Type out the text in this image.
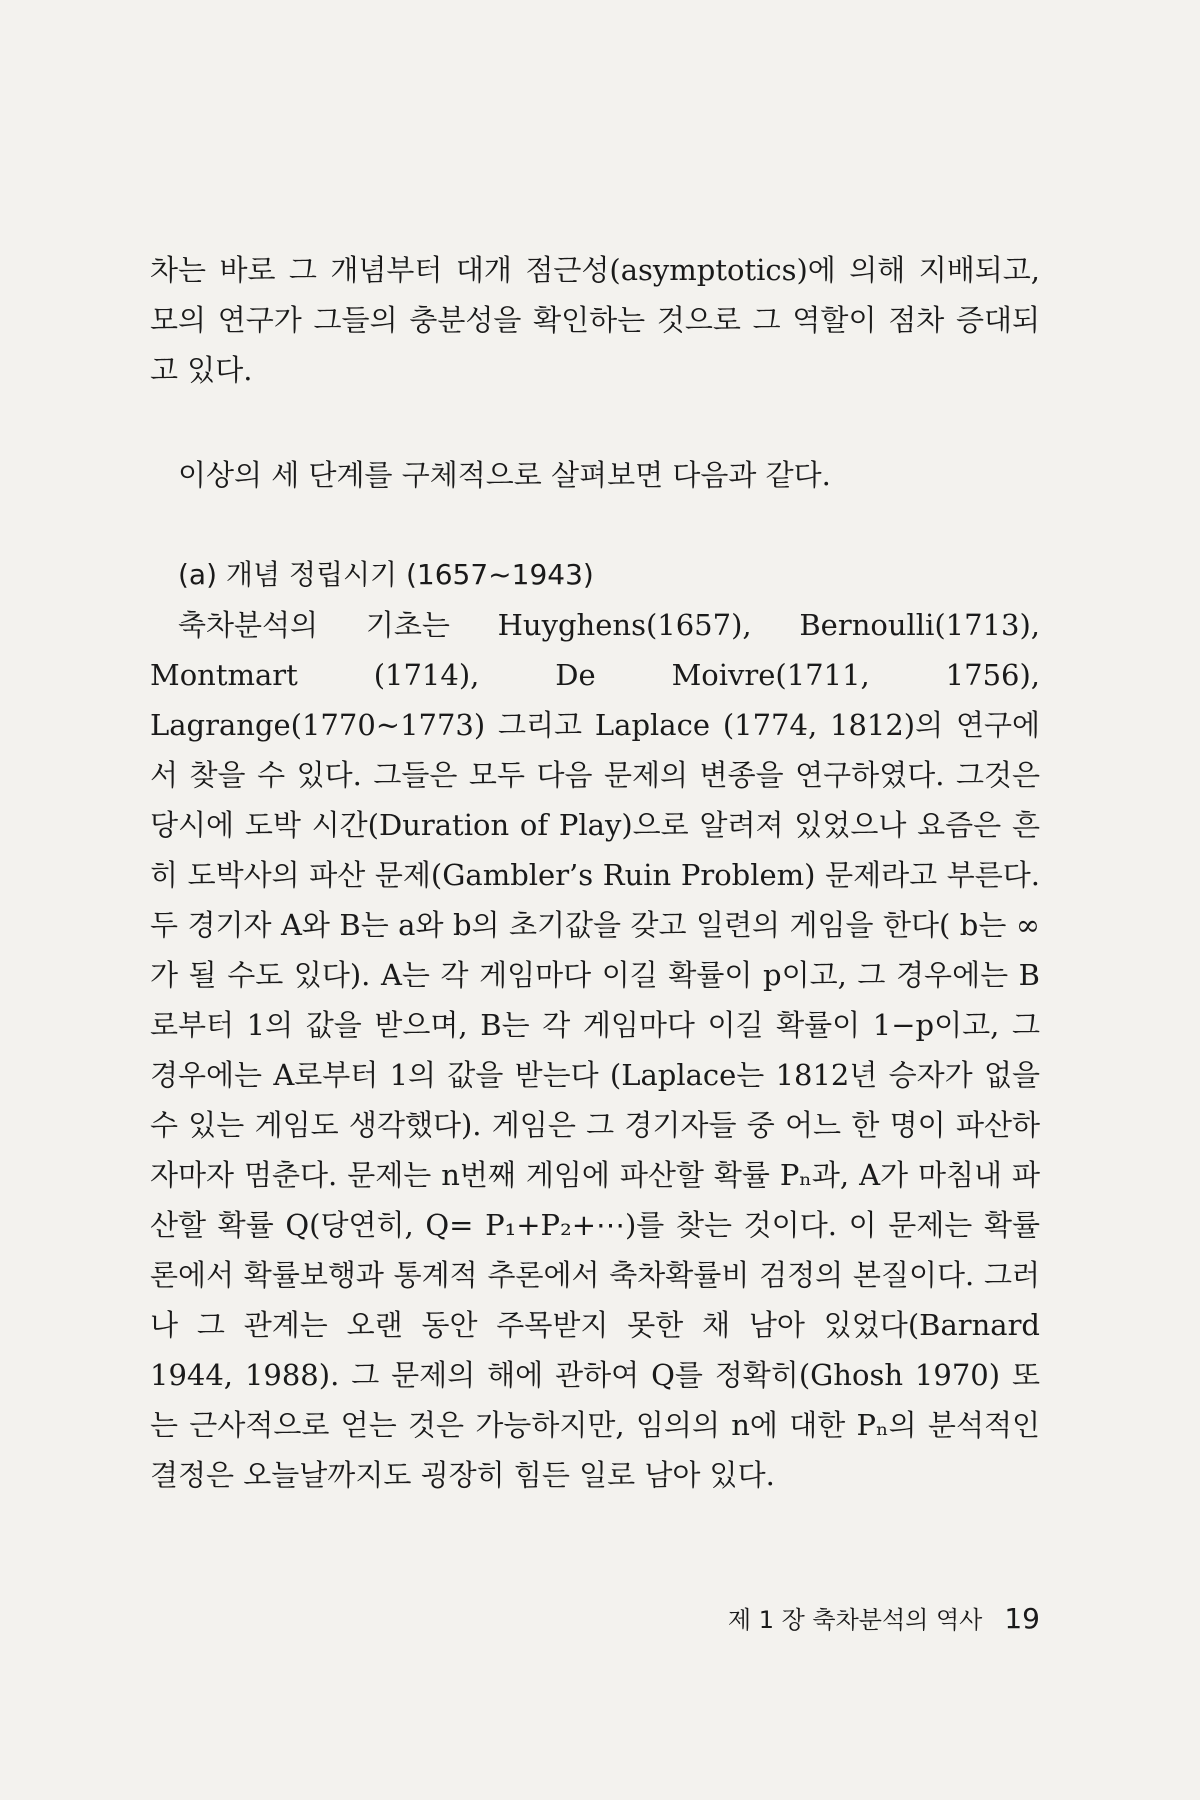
차는 바로 그 개념부터 대개 점근성(asymptotics)에 의해 지배되고, 모의 연구가 그들의 충분성을 확인하는 것으로 그 역할이 점차 증대되고 있다.

이상의 세 단계를 구체적으로 살펴보면 다음과 같다.

(a) 개념 정립시기 (1657~1943)

축차분석의 기초는 Huyghens(1657), Bernoulli(1713), Montmart (1714), De Moivre(1711, 1756), Lagrange(1770~1773) 그리고 Laplace (1774, 1812)의 연구에서 찾을 수 있다. 그들은 모두 다음 문제의 변종을 연구하였다. 그것은 당시에 도박 시간(Duration of Play)으로 알려져 있었으나 요즘은 흔히 도박사의 파산 문제(Gambler’s Ruin Problem) 문제라고 부른다. 두 경기자 A와 B는 a와 b의 초기값을 갖고 일련의 게임을 한다( b는 ∞가 될 수도 있다). A는 각 게임마다 이길 확률이 p이고, 그 경우에는 B로부터 1의 값을 받으며, B는 각 게임마다 이길 확률이 1−p이고, 그 경우에는 A로부터 1의 값을 받는다 (Laplace는 1812년 승자가 없을 수 있는 게임도 생각했다). 게임은 그 경기자들 중 어느 한 명이 파산하자마자 멈춘다. 문제는 n번째 게임에 파산할 확률 Pₙ과, A가 마침내 파산할 확률 Q(당연히, Q= P₁+P₂+⋯)를 찾는 것이다. 이 문제는 확률론에서 확률보행과 통계적 추론에서 축차확률비 검정의 본질이다. 그러나 그 관계는 오랜 동안 주목받지 못한 채 남아 있었다(Barnard 1944, 1988). 그 문제의 해에 관하여 Q를 정확히(Ghosh 1970) 또는 근사적으로 얻는 것은 가능하지만, 임의의 n에 대한 Pₙ의 분석적인 결정은 오늘날까지도 굉장히 힘든 일로 남아 있다.

제 1 장 축차분석의 역사 19
